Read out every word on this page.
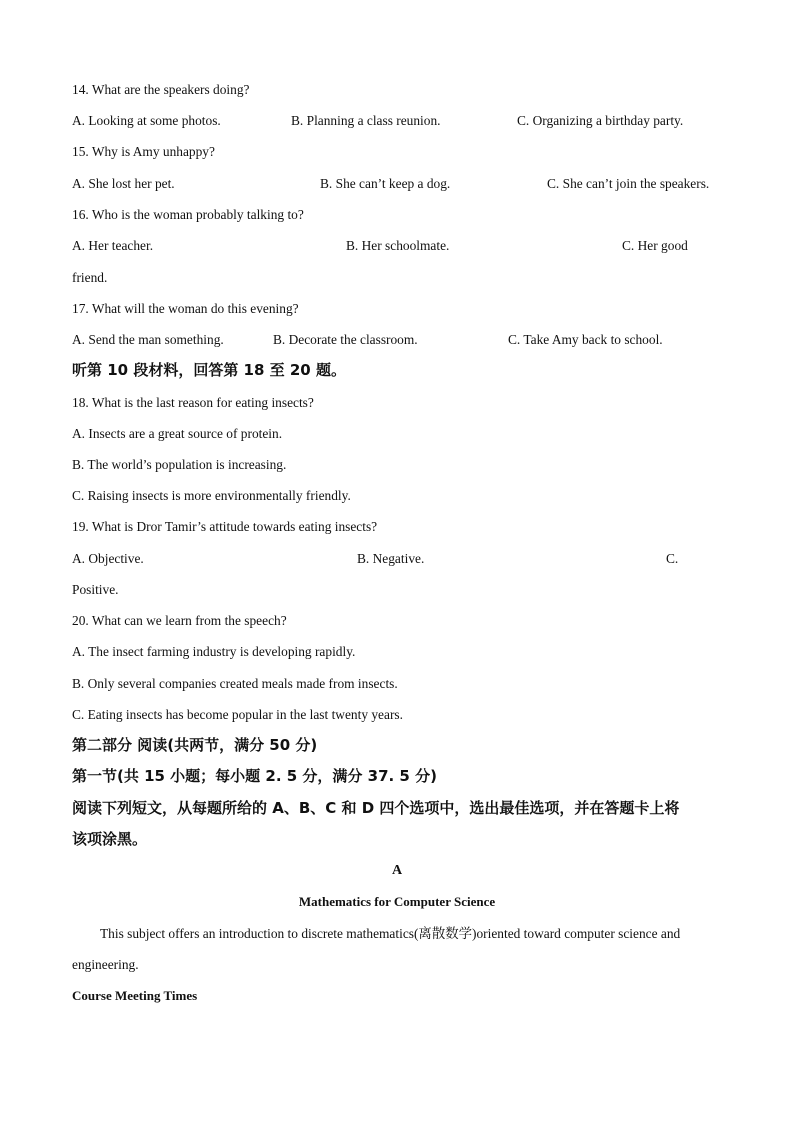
14. What are the speakers doing?
A. Looking at some photos.	B. Planning a class reunion.	C. Organizing a birthday party.
15. Why is Amy unhappy?
A. She lost her pet.	B. She can’t keep a dog.	C. She can’t join the speakers.
16. Who is the woman probably talking to?
A. Her teacher.	B. Her schoolmate.	C. Her good
friend.
17. What will the woman do this evening?
A. Send the man something.	B. Decorate the classroom.	C. Take Amy back to school.
听第 10 段材料，回答第 18 至 20 题。
18. What is the last reason for eating insects?
A. Insects are a great source of protein.
B. The world’s population is increasing.
C. Raising insects is more environmentally friendly.
19. What is Dror Tamir’s attitude towards eating insects?
A. Objective.	B. Negative.	C.
Positive.
20. What can we learn from the speech?
A. The insect farming industry is developing rapidly.
B. Only several companies created meals made from insects.
C. Eating insects has become popular in the last twenty years.
第二部分 阅读(共两节，满分 50 分)
第一节(共 15 小题；每小题 2. 5 分，满分 37. 5 分)
阅读下列短文，从每题所给的 A、B、C 和 D 四个选项中，选出最佳选项，并在答题卡上将
该项涂黑。
A
Mathematics for Computer Science
This subject offers an introduction to discrete mathematics(离散数学)oriented toward computer science and
engineering.
Course Meeting Times
